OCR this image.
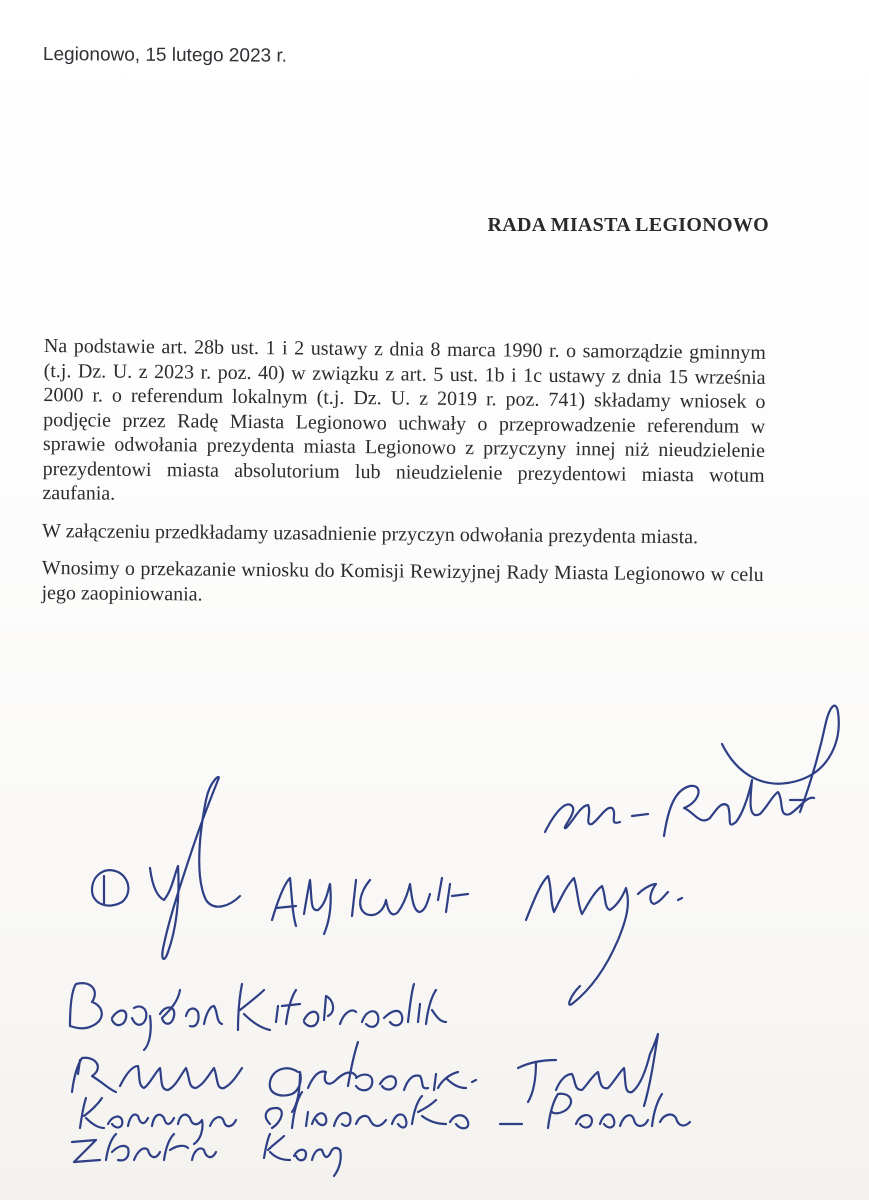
Legionowo, 15 lutego 2023 r.
RADA MIASTA LEGIONOWO

Na podstawie art. 28b ust. 1 i 2 ustawy z dnia 8 marca 1990 r. o samorządzie gminnym (t.j. Dz. U. z 2023 r. poz. 40) w związku z art. 5 ust. 1b i 1c ustawy z dnia 15 września 2000 r. o referendum lokalnym (t.j. Dz. U. z 2019 r. poz. 741) składamy wniosek o podjęcie przez Radę Miasta Legionowo uchwały o przeprowadzenie referendum w sprawie odwołania prezydenta miasta Legionowo z przyczyny innej niż nieudzielenie prezydentowi miasta absolutorium lub nieudzielenie prezydentowi miasta wotum zaufania.

W załączeniu przedkładamy uzasadnienie przyczyn odwołania prezydenta miasta.

Wnosimy o przekazanie wniosku do Komisji Rewizyjnej Rady Miasta Legionowo w celu jego zaopiniowania.
